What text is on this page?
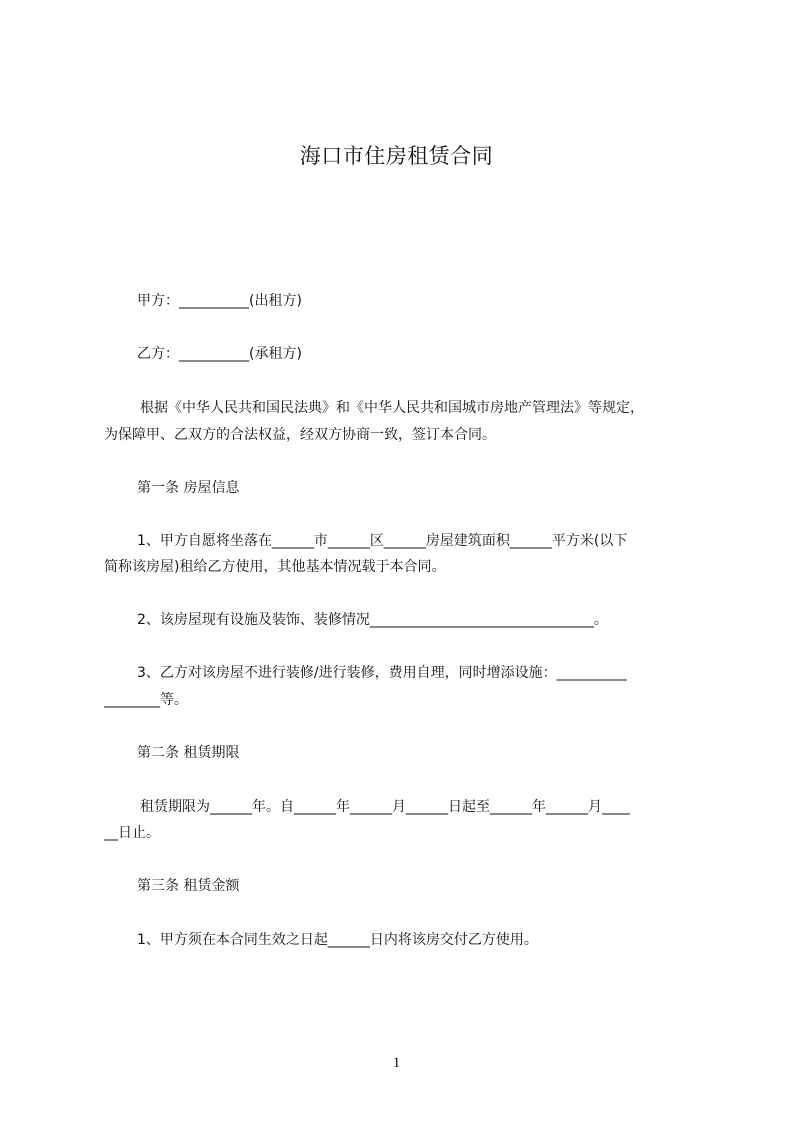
海口市住房租赁合同
甲方：__________(出租方)
乙方：__________(承租方)
根据《中华人民共和国民法典》和《中华人民共和国城市房地产管理法》等规定，
为保障甲、乙双方的合法权益，经双方协商一致，签订本合同。
第一条 房屋信息
1、甲方自愿将坐落在______市______区______房屋建筑面积______平方米(以下
简称该房屋)租给乙方使用，其他基本情况载于本合同。
2、该房屋现有设施及装饰、装修情况________________________________。
3、乙方对该房屋不进行装修/进行装修，费用自理，同时增添设施：__________
________等。
第二条 租赁期限
租赁期限为______年。自______年______月______日起至______年______月____
__日止。
第三条 租赁金额
1、甲方须在本合同生效之日起______日内将该房交付乙方使用。
1
